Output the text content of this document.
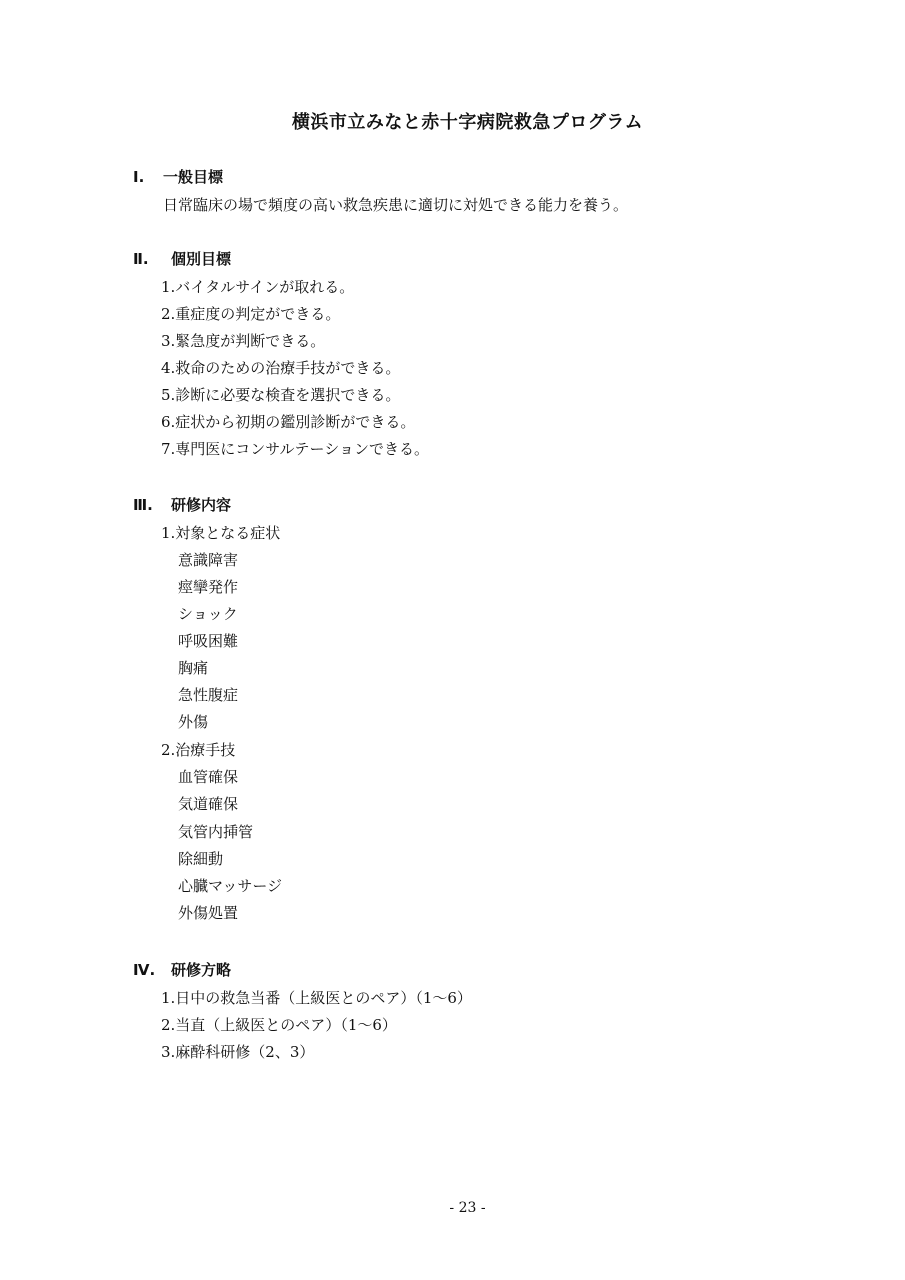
横浜市立みなと赤十字病院救急プログラム
Ⅰ. 一般目標
日常臨床の場で頻度の高い救急疾患に適切に対処できる能力を養う。
Ⅱ. 個別目標
1.バイタルサインが取れる。
2.重症度の判定ができる。
3.緊急度が判断できる。
4.救命のための治療手技ができる。
5.診断に必要な検査を選択できる。
6.症状から初期の鑑別診断ができる。
7.専門医にコンサルテーションできる。
Ⅲ. 研修内容
1.対象となる症状
意識障害
痙攣発作
ショック
呼吸困難
胸痛
急性腹症
外傷
2.治療手技
血管確保
気道確保
気管内挿管
除細動
心臓マッサージ
外傷処置
Ⅳ. 研修方略
1.日中の救急当番（上級医とのペア）（1～6）
2.当直（上級医とのペア）（1～6）
3.麻酔科研修（2、3）
- 23 -
